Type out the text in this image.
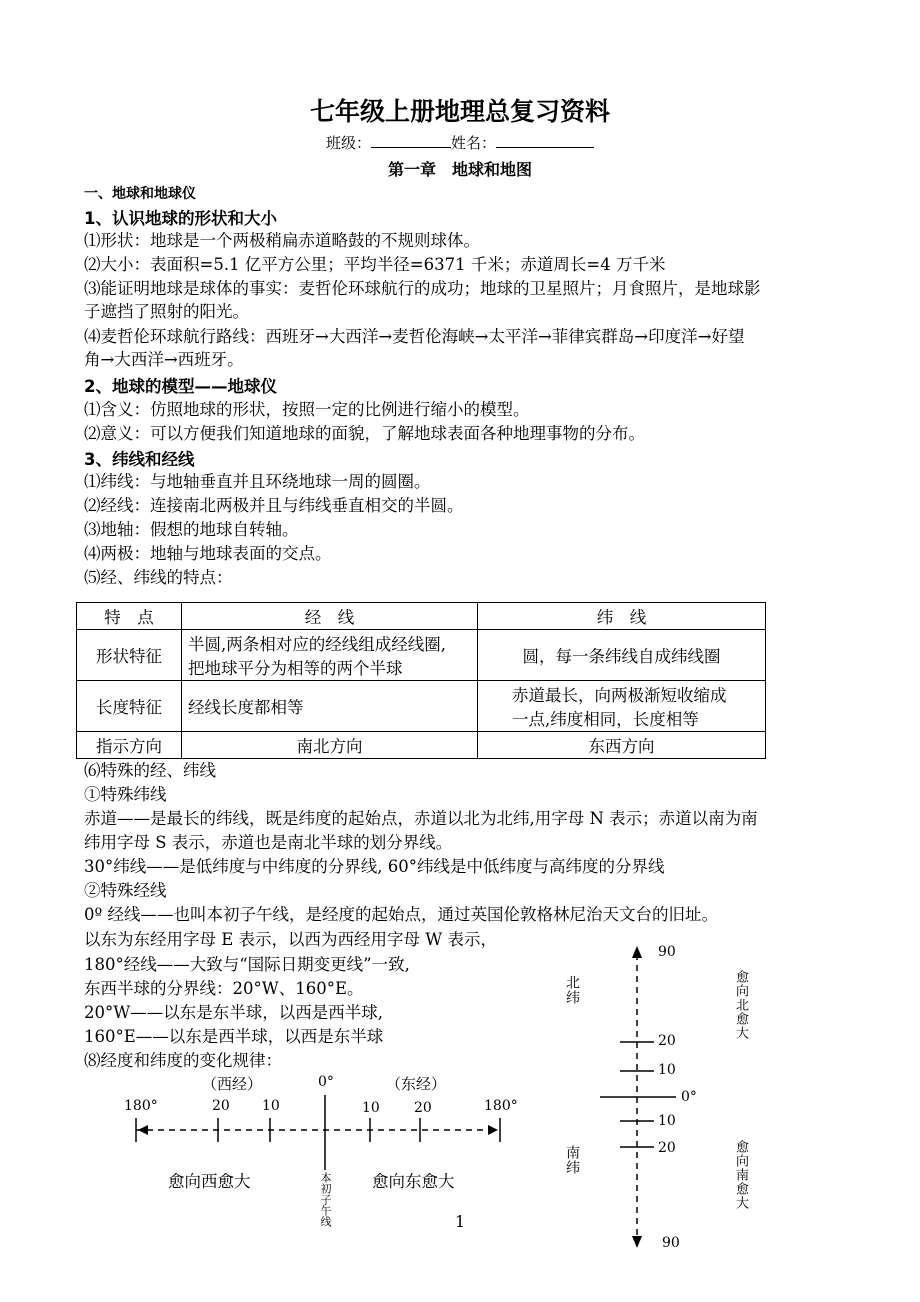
七年级上册地理总复习资料
班级：	姓名：
第一章　地球和地图
一、地球和地球仪
1、认识地球的形状和大小
⑴形状：地球是一个两极稍扁赤道略鼓的不规则球体。
⑵大小：表面积=5.1 亿平方公里；平均半径=6371 千米；赤道周长=4 万千米
⑶能证明地球是球体的事实：麦哲伦环球航行的成功；地球的卫星照片；月食照片，是地球影
子遮挡了照射的阳光。
⑷麦哲伦环球航行路线：西班牙→大西洋→麦哲伦海峡→太平洋→菲律宾群岛→印度洋→好望
角→大西洋→西班牙。
2、地球的模型——地球仪
⑴含义：仿照地球的形状，按照一定的比例进行缩小的模型。
⑵意义：可以方便我们知道地球的面貌，了解地球表面各种地理事物的分布。
3、纬线和经线
⑴纬线：与地轴垂直并且环绕地球一周的圆圈。
⑵经线：连接南北两极并且与纬线垂直相交的半圆。
⑶地轴：假想的地球自转轴。
⑷两极：地轴与地球表面的交点。
⑸经、纬线的特点：
特　点	经　线	纬　线
形状特征	半圆,两条相对应的经线组成经线圈,
把地球平分为相等的两个半球	圆，每一条纬线自成纬线圈
长度特征	经线长度都相等	赤道最长，向两极渐短收缩成
一点,纬度相同，长度相等

指示方向	南北方向	东西方向
⑹特殊的经、纬线
①特殊纬线
赤道——是最长的纬线，既是纬度的起始点，赤道以北为北纬,用字母 N 表示；赤道以南为南
纬用字母 S 表示，赤道也是南北半球的划分界线。
30°纬线——是低纬度与中纬度的分界线, 60°纬线是中低纬度与高纬度的分界线
②特殊经线
0º 经线——也叫本初子午线，是经度的起始点，通过英国伦敦格林尼治天文台的旧址。
以东为东经用字母 E 表示，以西为西经用字母 W 表示，
180°经线——大致与“国际日期变更线”一致,
东西半球的分界线：20°W、160°E。
20°W——以东是东半球，以西是西半球,
160°E——以东是西半球，以西是东半球
⑻经度和纬度的变化规律：
（西经）	0°	（东经）
180°	20 10	10 20	180°
愈向西愈大	本初子午线 愈向东愈大
1
90
20
10
0°
10
20
90
北纬
南纬
愈向北愈大
愈向南愈大
